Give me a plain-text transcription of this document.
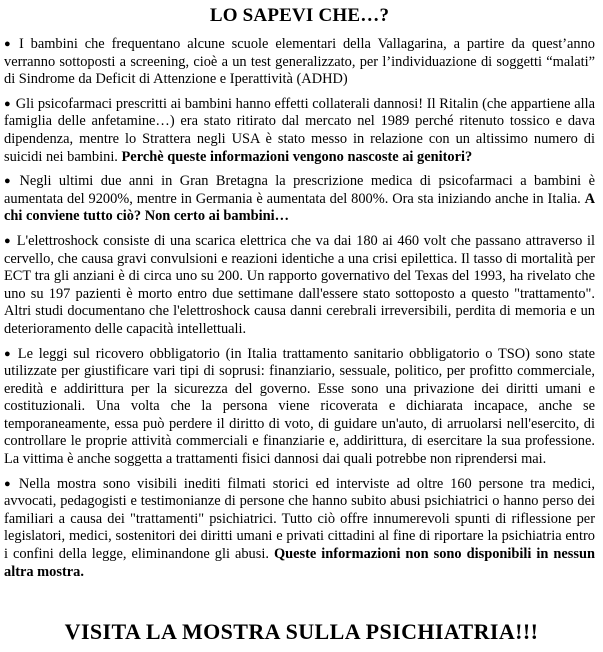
LO SAPEVI CHE…?

● I bambini che frequentano alcune scuole elementari della Vallagarina, a partire da quest’anno verranno sottoposti a screening, cioè a un test generalizzato, per l’individuazione di soggetti “malati” di Sindrome da Deficit di Attenzione e Iperattività (ADHD)

● Gli psicofarmaci prescritti ai bambini hanno effetti collaterali dannosi! Il Ritalin (che appartiene alla famiglia delle anfetamine…) era stato ritirato dal mercato nel 1989 perché ritenuto tossico e dava dipendenza, mentre lo Strattera negli USA è stato messo in relazione con un altissimo numero di suicidi nei bambini. Perchè queste informazioni vengono nascoste ai genitori?

● Negli ultimi due anni in Gran Bretagna la prescrizione medica di psicofarmaci a bambini è aumentata del 9200%, mentre in Germania è aumentata del 800%. Ora sta iniziando anche in Italia. A chi conviene tutto ciò? Non certo ai bambini…

● L'elettroshock consiste di una scarica elettrica che va dai 180 ai 460 volt che passano attraverso il cervello, che causa gravi convulsioni e reazioni identiche a una crisi epilettica. Il tasso di mortalità per ECT tra gli anziani è di circa uno su 200. Un rapporto governativo del Texas del 1993, ha rivelato che uno su 197 pazienti è morto entro due settimane dall'essere stato sottoposto a questo "trattamento". Altri studi documentano che l'elettroshock causa danni cerebrali irreversibili, perdita di memoria e un deterioramento delle capacità intellettuali.

● Le leggi sul ricovero obbligatorio (in Italia trattamento sanitario obbligatorio o TSO) sono state utilizzate per giustificare vari tipi di soprusi: finanziario, sessuale, politico, per profitto commerciale, eredità e addirittura per la sicurezza del governo. Esse sono una privazione dei diritti umani e costituzionali. Una volta che la persona viene ricoverata e dichiarata incapace, anche se temporaneamente, essa può perdere il diritto di voto, di guidare un'auto, di arruolarsi nell'esercito, di controllare le proprie attività commerciali e finanziarie e, addirittura, di esercitare la sua professione. La vittima è anche soggetta a trattamenti fisici dannosi dai quali potrebbe non riprendersi mai.

● Nella mostra sono visibili inediti filmati storici ed interviste ad oltre 160 persone tra medici, avvocati, pedagogisti e testimonianze di persone che hanno subito abusi psichiatrici o hanno perso dei familiari a causa dei "trattamenti" psichiatrici. Tutto ciò offre innumerevoli spunti di riflessione per legislatori, medici, sostenitori dei diritti umani e privati cittadini al fine di riportare la psichiatria entro i confini della legge, eliminandone gli abusi. Queste informazioni non sono disponibili in nessun altra mostra.

VISITA LA MOSTRA SULLA PSICHIATRIA!!!
